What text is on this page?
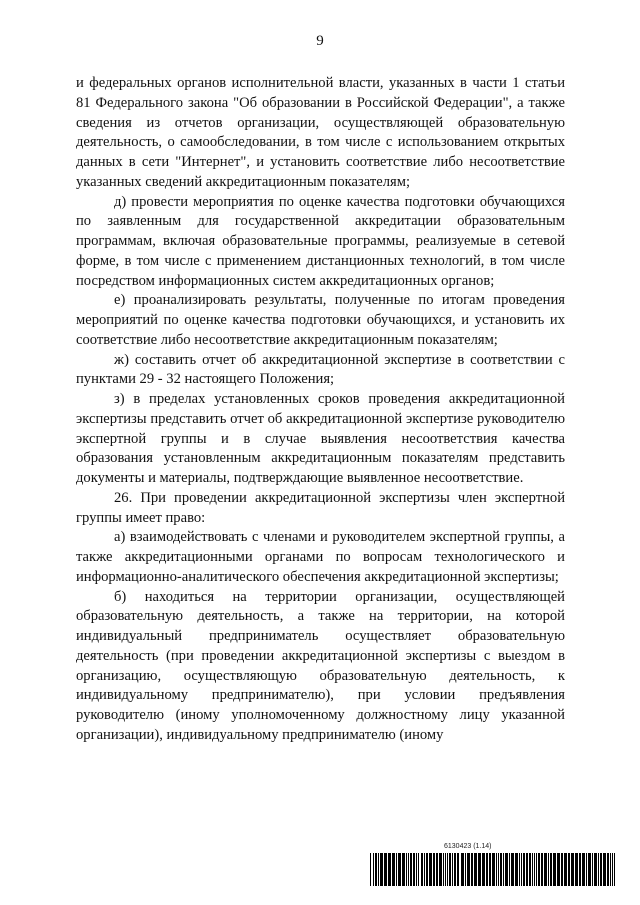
9

и федеральных органов исполнительной власти, указанных в части 1 статьи 81 Федерального закона "Об образовании в Российской Федерации", а также сведения из отчетов организации, осуществляющей образовательную деятельность, о самообследовании, в том числе с использованием открытых данных в сети "Интернет", и установить соответствие либо несоответствие указанных сведений аккредитационным показателям;

д) провести мероприятия по оценке качества подготовки обучающихся по заявленным для государственной аккредитации образовательным программам, включая образовательные программы, реализуемые в сетевой форме, в том числе с применением дистанционных технологий, в том числе посредством информационных систем аккредитационных органов;

е) проанализировать результаты, полученные по итогам проведения мероприятий по оценке качества подготовки обучающихся, и установить их соответствие либо несоответствие аккредитационным показателям;

ж) составить отчет об аккредитационной экспертизе в соответствии с пунктами 29 - 32 настоящего Положения;

з) в пределах установленных сроков проведения аккредитационной экспертизы представить отчет об аккредитационной экспертизе руководителю экспертной группы и в случае выявления несоответствия качества образования установленным аккредитационным показателям представить документы и материалы, подтверждающие выявленное несоответствие.

26. При проведении аккредитационной экспертизы член экспертной группы имеет право:

а) взаимодействовать с членами и руководителем экспертной группы, а также аккредитационными органами по вопросам технологического и информационно-аналитического обеспечения аккредитационной экспертизы;

б) находиться на территории организации, осуществляющей образовательную деятельность, а также на территории, на которой индивидуальный предприниматель осуществляет образовательную деятельность (при проведении аккредитационной экспертизы с выездом в организацию, осуществляющую образовательную деятельность, к индивидуальному предпринимателю), при условии предъявления руководителю (иному уполномоченному должностному лицу указанной организации), индивидуальному предпринимателю (иному

6130423 (1.14)
